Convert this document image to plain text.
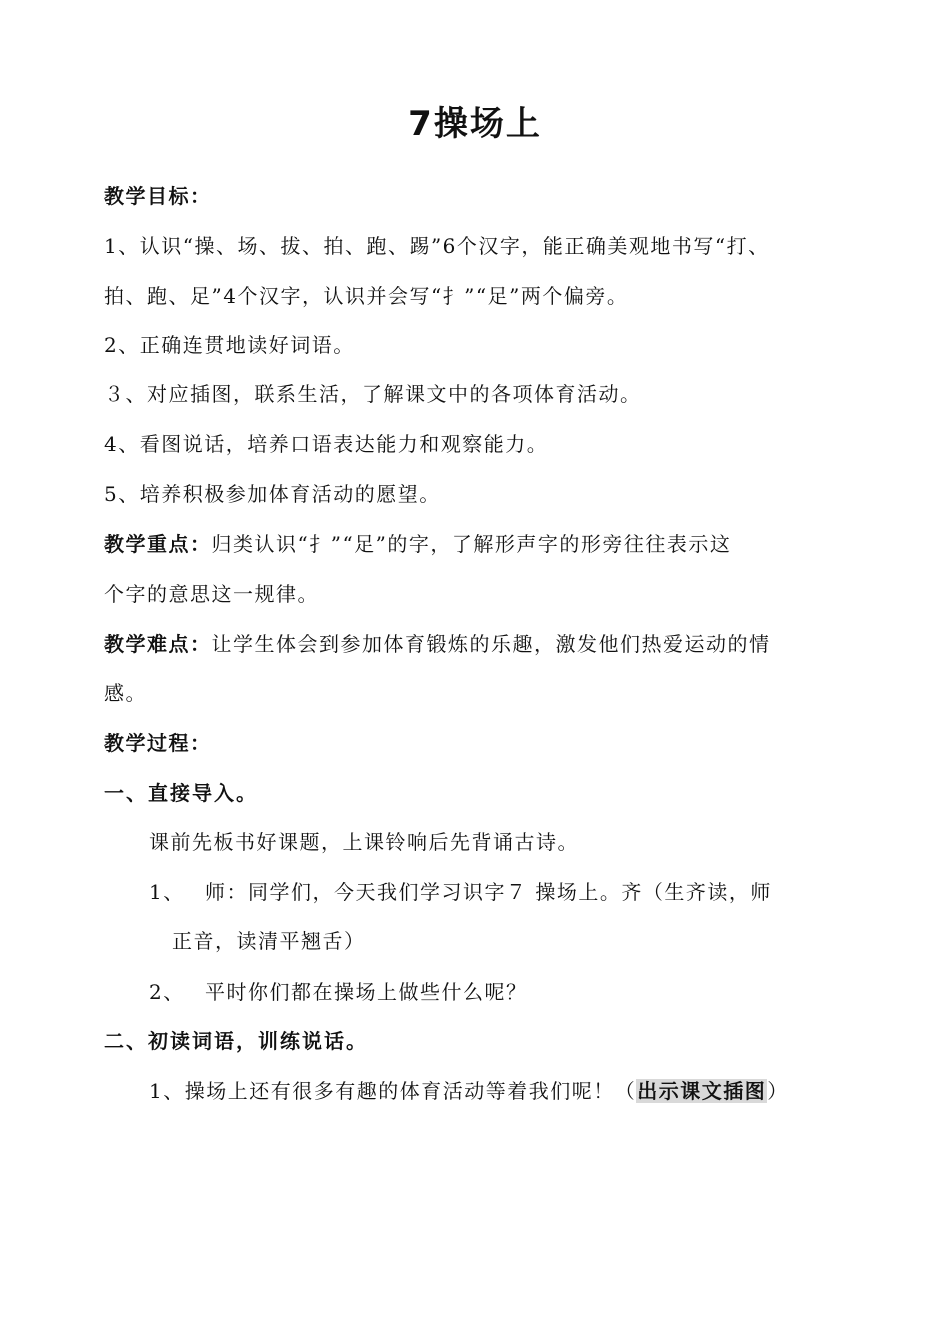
7操场上
教学目标：
1、认识“操、场、拔、拍、跑、踢”6个汉字，能正确美观地书写“打、
拍、跑、足”4个汉字，认识并会写“扌”“足”两个偏旁。
2、正确连贯地读好词语。
３、对应插图，联系生活，了解课文中的各项体育活动。
4、看图说话，培养口语表达能力和观察能力。
5、培养积极参加体育活动的愿望。
教学重点：归类认识“扌”“足”的字，了解形声字的形旁往往表示这
个字的意思这一规律。
教学难点：让学生体会到参加体育锻炼的乐趣，激发他们热爱运动的情
感。
教学过程：
一、直接导入。
课前先板书好课题，上课铃响后先背诵古诗。
1、 师：同学们，今天我们学习识字７ 操场上。齐（生齐读，师
正音，读清平翘舌）
2、 平时你们都在操场上做些什么呢？
二、初读词语，训练说话。
1、操场上还有很多有趣的体育活动等着我们呢！（出示课文插图）
